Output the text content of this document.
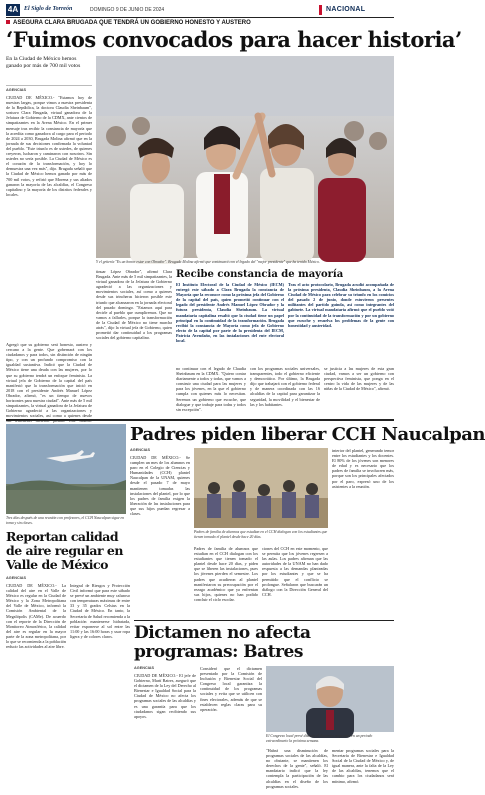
4A El Siglo de Torreón	DOMINGO 9 DE JUNIO DE 2024	NACIONAL
ASEGURA CLARA BRUGADA QUE TENDRÁ UN GOBIERNO HONESTO Y AUSTERO
‘Fuimos convocados para hacer historia’
En la Ciudad de México hemos ganado por más de 700 mil votos
AGENCIAS
CIUDAD DE MÉXICO.- "Estamos hoy de nuestras largas, porque vimos a nuestra presidenta de la República, la doctora Claudia Sheinbaum", sostuvo Clara Brugada, virtual ganadora de la Jefatura de Gobierno de la CDMX, ante cientos de simpatizantes en la Arena México. En el primer mensaje tras recibir la constancia de mayoría que la acredita como ganadora al cargo para el periodo de 2024 a 2030, Brugada Molina afirmó que en la jornada de sus decisiones confirmada la voluntad del pueblo. "Este triunfo es de ustedes, de quienes creyeron, lucharon y caminaron con nosotros. Sin ustedes no sería posible. La Ciudad de México es el corazón de la transformación, y hoy lo demuestra una vez más", dijo. Brugada señaló que la Ciudad de México hemos ganado por más de 700 mil votos, y refirió que Morena y sus aliados ganaron la mayoría de las alcaldías, el Congreso capitalino y la mayoría de los distritos federales y locales.
Agregó que su gobierno será honesto, austero y cercano a la gente. Que gobernará con los ciudadanos y para todos, sin distinción de ningún tipo, y con un profundo compromiso con la igualdad sustantiva. Indicó que la Ciudad de México tiene una deuda con las mujeres, por lo que su gobierno tendrá un enfoque feminista. La virtual jefa de Gobierno de la capital del país manifestó que la transformación que inició en 2018 con el presidente Andrés Manuel López Obrador, afirmó, "es un tiempo de nuevos horizontes para nuestra ciudad". Ante más de 5 mil simpatizantes, la virtual ganadora de la Jefatura de Gobierno agradeció a las organizaciones y movimientos sociales, así como a quienes desde
Y el gritería "Es un honor estar con Obrador". Brugada Molina afirmó que continuará con el legado del "mejor presidente" que ha tenido México.
Recibe constancia de mayoría
El Instituto Electoral de la Ciudad de México (IECM) entregó este sábado a Clara Brugada la constancia de Mayoría que la reconoce como la próxima jefa del Gobierno de la capital del país, quien prometió continuar con el legado del presidente Andrés Manuel López Obrador y la futura presidenta, Claudia Sheinbaum. La virtual mandataria capitalina resaltó que la ciudad tiene un papel principal en la continuidad de la transformación. Brugada recibió la constancia de Mayoría como jefa de Gobierno electo de la capital por parte de la presidenta del IECM, Patricia Avendaño, en las instalaciones del ente electoral local.
Tras el acto protocolario, Brugada acudió acompañada de la próxima presidenta, Claudia Sheinbaum, a la Arena Ciudad de México para celebrar su triunfo en los comicios del pasado 2 de junio, donde estuvieron presentes militantes del partido guinda, así como integrantes del gabinete. La virtual mandataria afirmó que el pueblo votó por la continuidad de la transformación y por un gobierno que escuche y resuelva los problemas de la gente con honestidad y austeridad.
tinuar López Obrador", afirmó Clara Brugada. Ante más de 5 mil simpatizantes, la virtual ganadora de la Jefatura de Gobierno agradeció a las organizaciones y movimientos sociales, así como a quienes desde sus trincheras hicieron posible este triunfo que alcanzaron en la jornada electoral del pasado domingo. "Estamos aquí para decirle al pueblo que cumpliremos. Que no vamos a fallarles, porque la transformación de la Ciudad de México no tiene marcha atrás", dijo la virtual jefa de Gobierno, quien prometió dar continuidad a los programas sociales del gobierno capitalino.
no continuar con el legado de Claudia Sheinbaum en la CDMX. "Quiero contar diariamente a todos y todas, que vamos a construir una ciudad para las mujeres y para los jóvenes, en la que el gobierno cumpla con quienes más lo necesitan. Seremos un gobierno que escuche, que dialogue y que trabaje para todas y todos sin excepción".
con los programas sociales universales, transparentes, todo el gobierno eficiente y democrático. Por último, la Brugada dijo que trabajará con el gobierno federal y de manera coordinada con las 16 alcaldías de la capital para garantizar la seguridad, la movilidad y el bienestar de las y los habitantes.
se justicia a las mujeres de esta gran ciudad, vamos a ser un gobierno con perspectiva feminista, que ponga en el centro la vida de las mujeres y de las niñas de la Ciudad de México", afirmó.
Padres piden liberar CCH Naucalpan
Tres días después de una reunión con profesores, el CCH Naucalpan sigue en toma y sin clases.
AGENCIAS
CIUDAD DE MÉXICO.- Se cumplen un mes de los alumnos en paro en el Colegio de Ciencias y Humanidades (CCH) plantel Naucalpan de la UNAM, quienes desde el pasado 7 de mayo mantienen tomadas las instalaciones del plantel, por lo que los padres de familia exigen la liberación de las instalaciones para que sus hijos puedan regresar a clases.
Padres de familia de alumnos que estudian en el CCH dialogan con los estudiantes que tienen tomado el plantel desde hace 20 días.
Padres de familia de alumnos que estudian en el CCH dialogan con los estudiantes que tienen tomado el plantel desde hace 20 días, y piden que se liberen las instalaciones, pues los jóvenes pierden el semestre. Los padres que acudieron al plantel manifestaron su preocupación por el rezago académico que ya enfrentan sus hijos, quienes no han podido concluir el ciclo escolar.
ciones del CCH en este momento, que se permita que los jóvenes regresen a las aulas. Los padres afirman que las autoridades de la UNAM no han dado respuesta a las demandas planteadas por los estudiantes y que se ha permitido que el conflicto se prolongue. Señalaron que buscarán un diálogo con la Dirección General del CCH.
interior del plantel, generando temor entre los estudiantes y los docentes. El 80% de los jóvenes son menores de edad y es necesario que los padres de familia se involucren más, porque son los principales afectados por el paro, expresó uno de los asistentes a la reunión.
Reportan calidad de aire regular en Valle de México
AGENCIAS
CIUDAD DE MÉXICO.- La calidad del aire en el Valle de México es regular en la Ciudad de México y la Zona Metropolitana del Valle de México, informó la Comisión Ambiental de la Megalópolis (CAMe). De acuerdo con el reporte de la Dirección de Monitoreo Atmosférico, la calidad del aire es regular en la mayor parte de la zona metropolitana, por lo que se recomienda a la población reducir las actividades al aire libre.
Integral de Riesgos y Protección Civil informó que para este sábado se prevé un ambiente muy caluroso con temperaturas máximas de entre 33 y 35 grados Celsius en la Ciudad de México. En tanto, la Secretaría de Salud recomienda a la población mantenerse hidratada, evitar exponerse al sol entre las 11:00 y las 16:00 horas y usar ropa ligera y de colores claros.	Dictamen no afecta programas: Batres
AGENCIAS
CIUDAD DE MÉXICO.- El jefe de Gobierno, Martí Batres, aseguró que el dictamen de la Ley del Derecho al Bienestar e Igualdad Social para la Ciudad de México no afecta los programas sociales de las alcaldías y es una garantía para que los ciudadanos sigan recibiendo sus apoyos.
Consideró que el dictamen presentado por la Comisión de Inclusión y Bienestar Social del Congreso local garantiza la continuidad de los programas sociales y evita que se utilicen con fines electorales, además de que se establecen reglas claras para su operación.
El Congreso local prevé discutir el dictamen respectivo en un periodo extraordinario la próxima semana.
"Habrá una disminución de programas sociales de las alcaldías, no obstante, se mantienen los derechos de la gente", señaló. El mandatario indicó que la ley contempla la participación de las alcaldías en el diseño de los programas sociales.
mentar programas sociales para la Secretaría de Bienestar e Igualdad Social de la Ciudad de México y, de igual manera, ante la falta de la Ley de las alcaldías, tenemos que el cambio para los ciudadanos será mínimo, afirmó.
